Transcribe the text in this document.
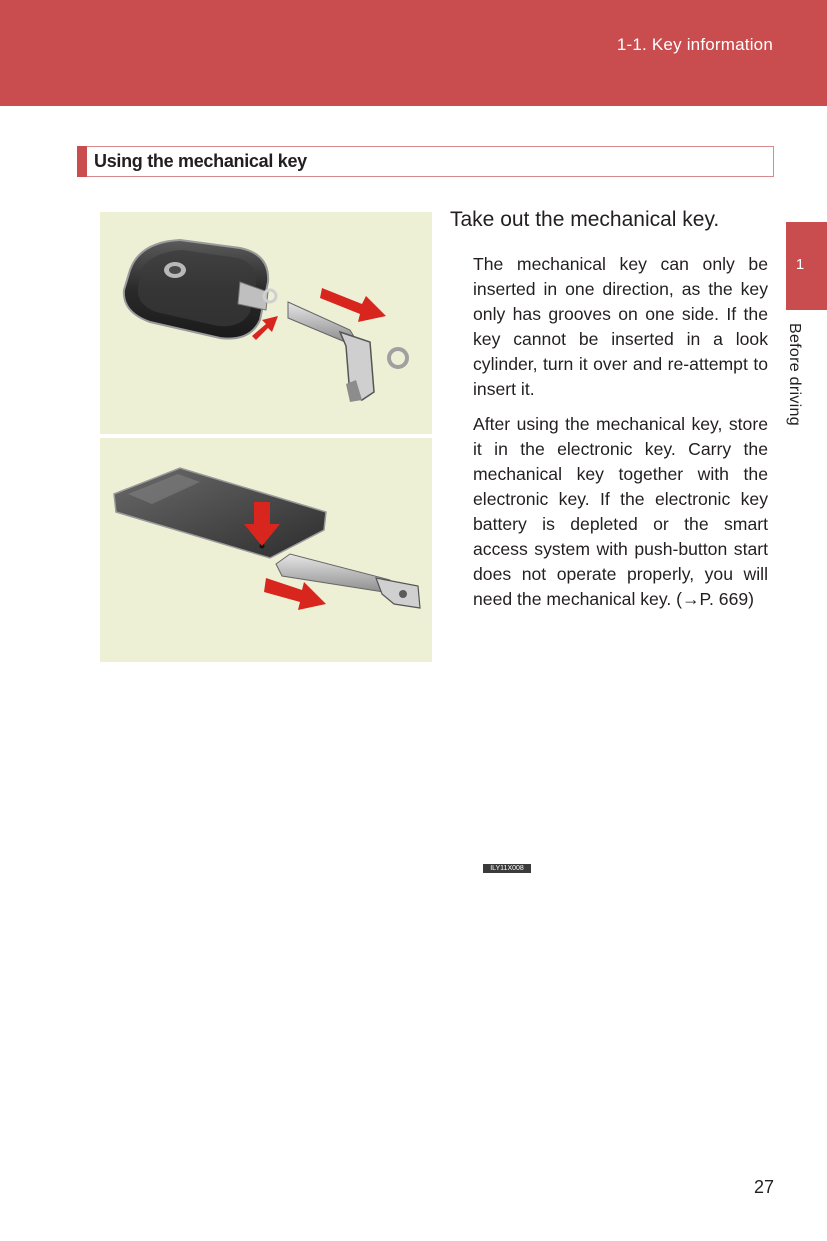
1-1. Key information
1
Before driving
Using the mechanical key
ILY11X008
Take out the mechanical key.

The mechanical key can only be inserted in one direction, as the key only has grooves on one side. If the key cannot be inserted in a look cylinder, turn it over and re-attempt to insert it.

After using the mechanical key, store it in the electronic key. Carry the mechanical key together with the electronic key. If the electronic key battery is depleted or the smart access system with push-button start does not operate properly, you will need the mechanical key. (→P. 669)

27
